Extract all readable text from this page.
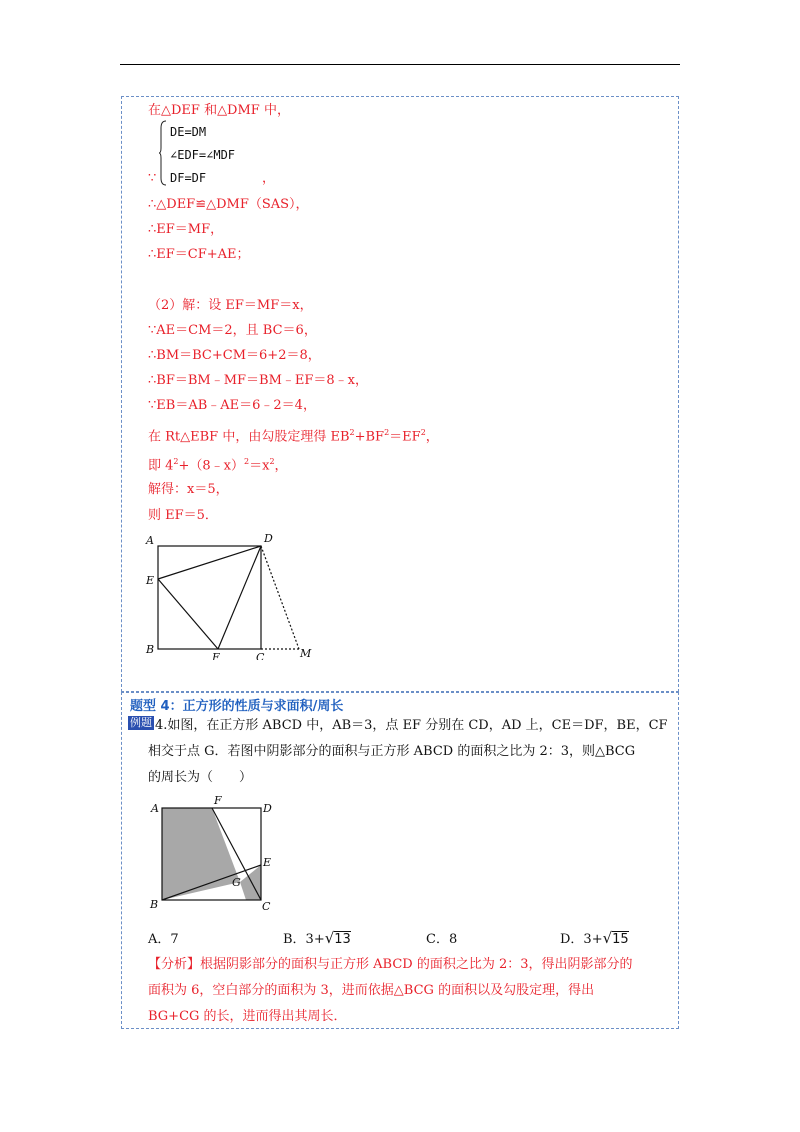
在△DEF 和△DMF 中，
DE=DM
∠EDF=∠MDF
∵ DF=DF	，
∴△DEF≌△DMF（SAS），
∴EF＝MF，
∴EF＝CF+AE；
（2）解：设 EF＝MF＝x，
∵AE＝CM＝2，且 BC＝6，
∴BM＝BC+CM＝6+2＝8，
∴BF＝BM﹣MF＝BM﹣EF＝8﹣x，
∵EB＝AB﹣AE＝6﹣2＝4，
在 Rt△EBF 中，由勾股定理得 $EB^2+BF^2=EF^2$，
即 $4^2+(8﹣x)^2=x^2$，
解得：x＝5，
则 EF＝5．
A	D
E
B
F	C	M
题型 4：正方形的性质与求面积/周长
例题 4.如图，在正方形 ABCD 中，AB＝3，点 EF 分别在 CD，AD 上，CE＝DF，BE，CF
相交于点 G．若图中阴影部分的面积与正方形 ABCD 的面积之比为 2：3，则△BCG
的周长为（　　）
A
F
D
E
G
B	C
A．7	B．3+√13	C．8	D．3+√15
【分析】根据阴影部分的面积与正方形 ABCD 的面积之比为 2：3，得出阴影部分的
面积为 6，空白部分的面积为 3，进而依据△BCG 的面积以及勾股定理，得出
BG+CG 的长，进而得出其周长．
